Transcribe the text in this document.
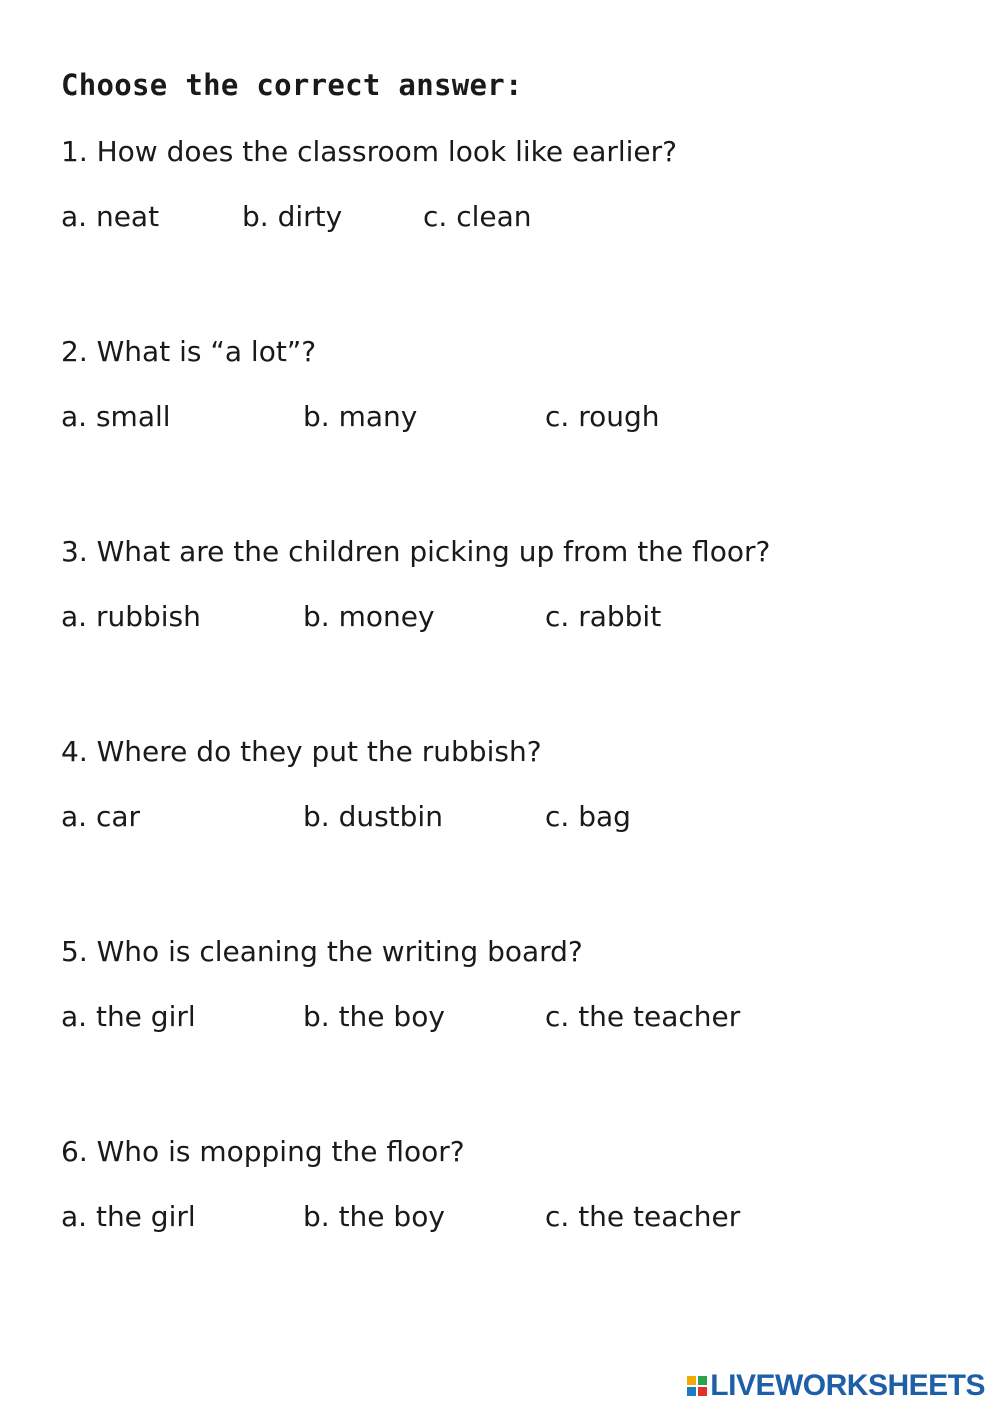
Choose the correct answer:

1. How does the classroom look like earlier?

a. neat	b. dirty	c. clean

2. What is “a lot”?

a. small	b. many	c. rough

3. What are the children picking up from the floor?

a. rubbish	b. money	c. rabbit

4. Where do they put the rubbish?

a. car	b. dustbin	c. bag

5. Who is cleaning the writing board?

a. the girl	b. the boy	c. the teacher

6. Who is mopping the floor?

a. the girl	b. the boy	c. the teacher
LIVEWORKSHEETS
